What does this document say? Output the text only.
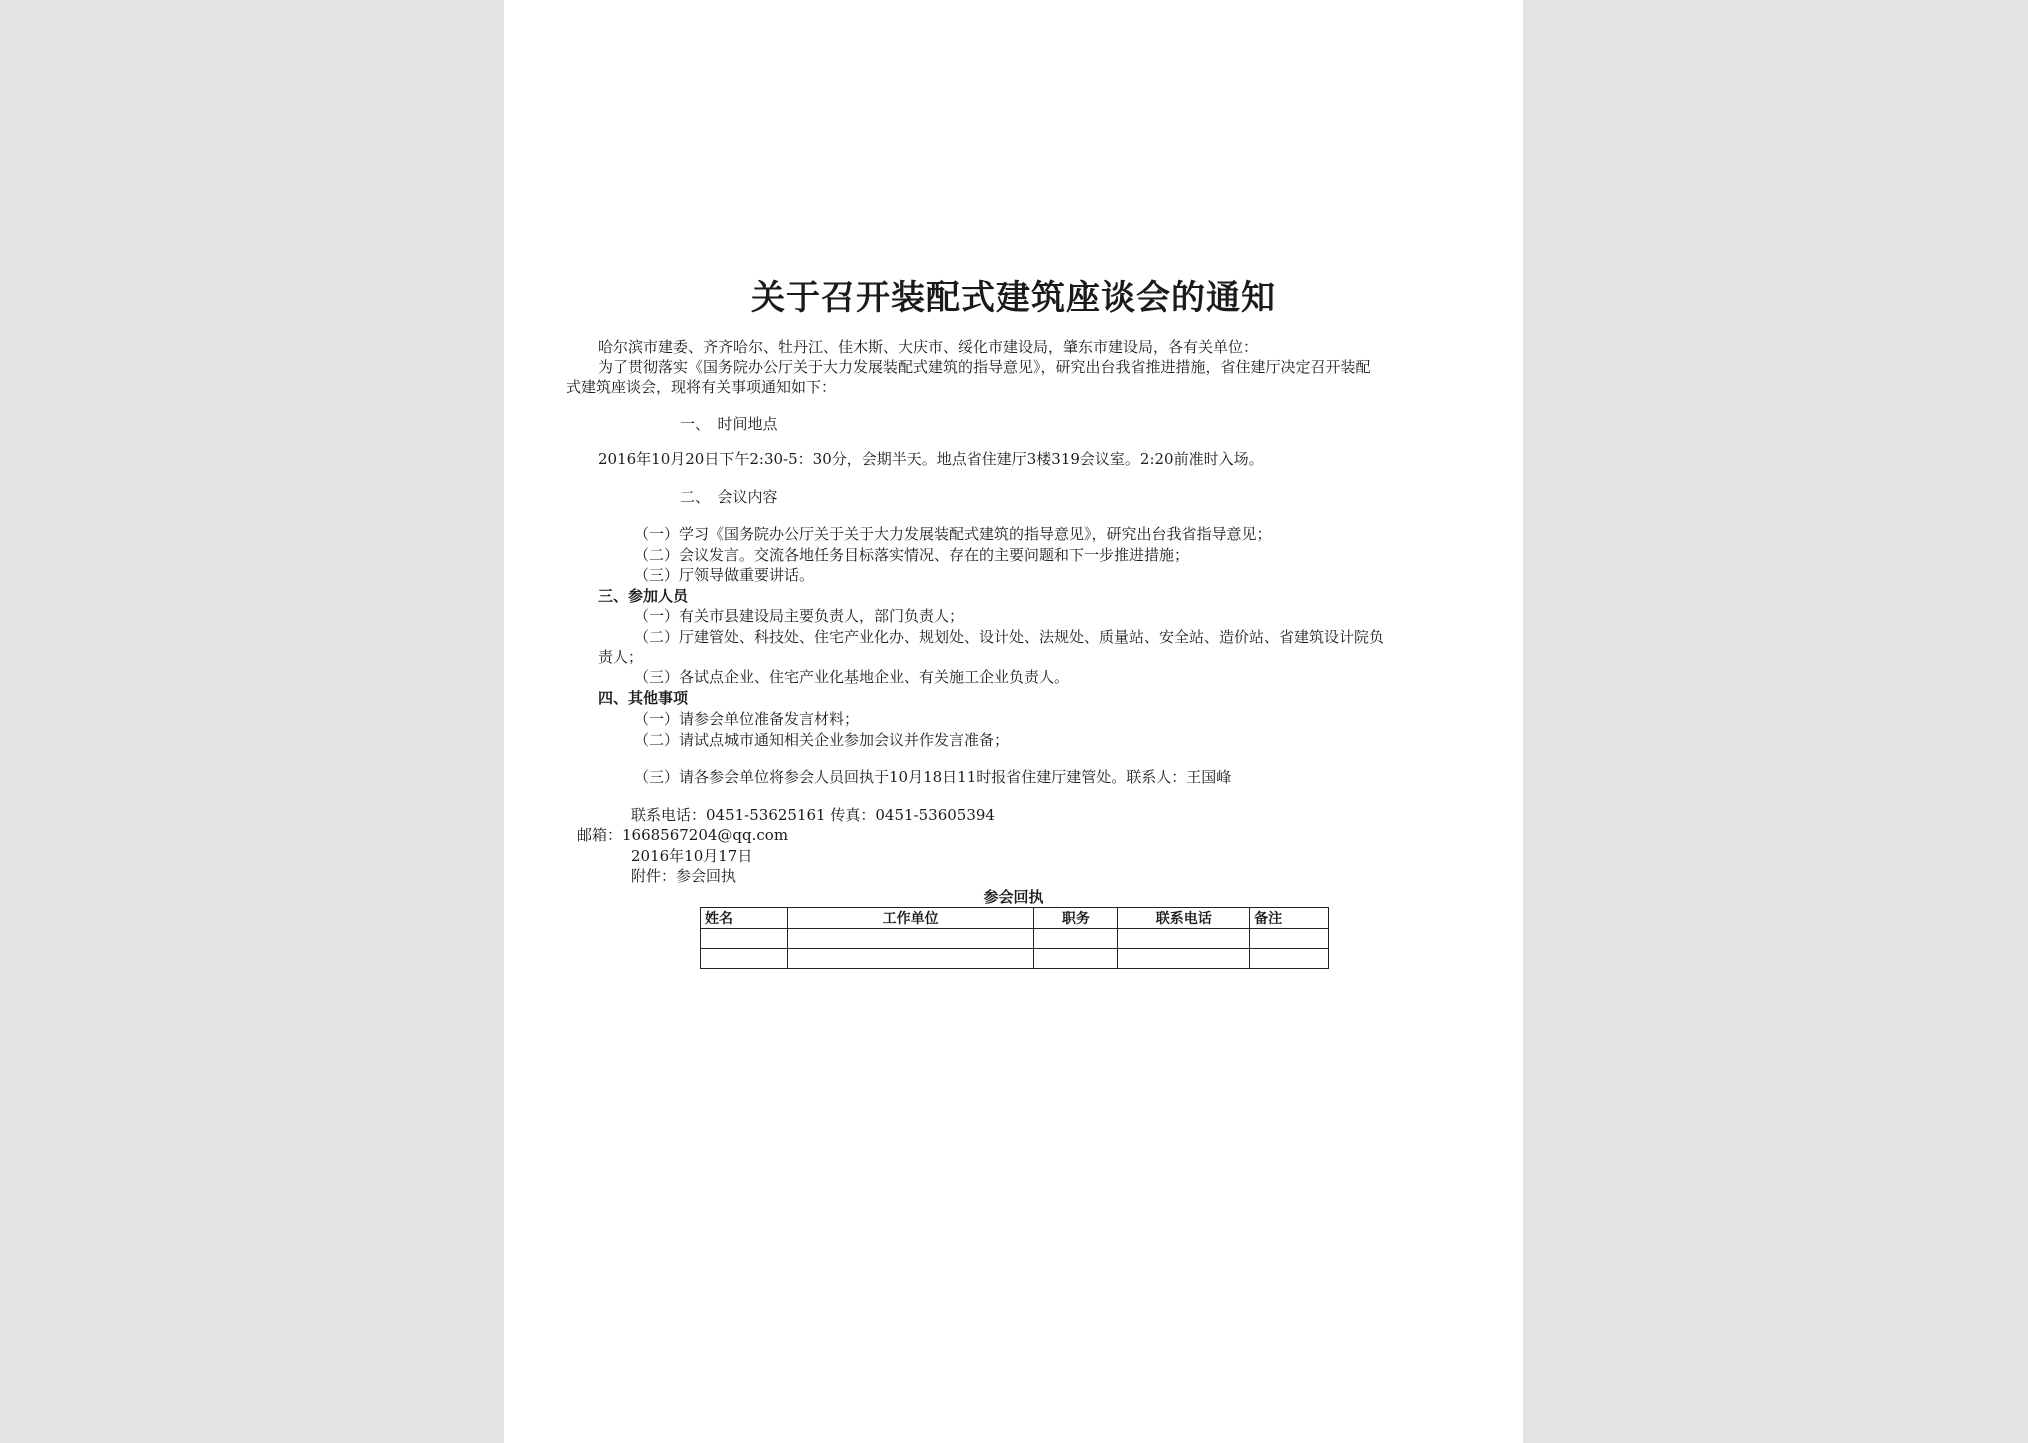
关于召开装配式建筑座谈会的通知
哈尔滨市建委、齐齐哈尔、牡丹江、佳木斯、大庆市、绥化市建设局，肇东市建设局，各有关单位：
为了贯彻落实《国务院办公厅关于大力发展装配式建筑的指导意见》，研究出台我省推进措施，省住建厅决定召开装配
式建筑座谈会，现将有关事项通知如下：
一、　时间地点
2016年10月20日下午2:30-5：30分，会期半天。地点省住建厅3楼319会议室。2:20前准时入场。
二、　会议内容
（一）学习《国务院办公厅关于关于大力发展装配式建筑的指导意见》，研究出台我省指导意见；
（二）会议发言。交流各地任务目标落实情况、存在的主要问题和下一步推进措施；
（三）厅领导做重要讲话。
三、参加人员
（一）有关市县建设局主要负责人，部门负责人；
（二）厅建管处、科技处、住宅产业化办、规划处、设计处、法规处、质量站、安全站、造价站、省建筑设计院负
责人；
（三）各试点企业、住宅产业化基地企业、有关施工企业负责人。
四、其他事项
（一）请参会单位准备发言材料；
（二）请试点城市通知相关企业参加会议并作发言准备；
（三）请各参会单位将参会人员回执于10月18日11时报省住建厅建管处。联系人：王国峰
联系电话：0451-53625161 传真：0451-53605394
邮箱：1668567204@qq.com
2016年10月17日
附件：参会回执
参会回执
姓名	工作单位	职务	联系电话	备注
